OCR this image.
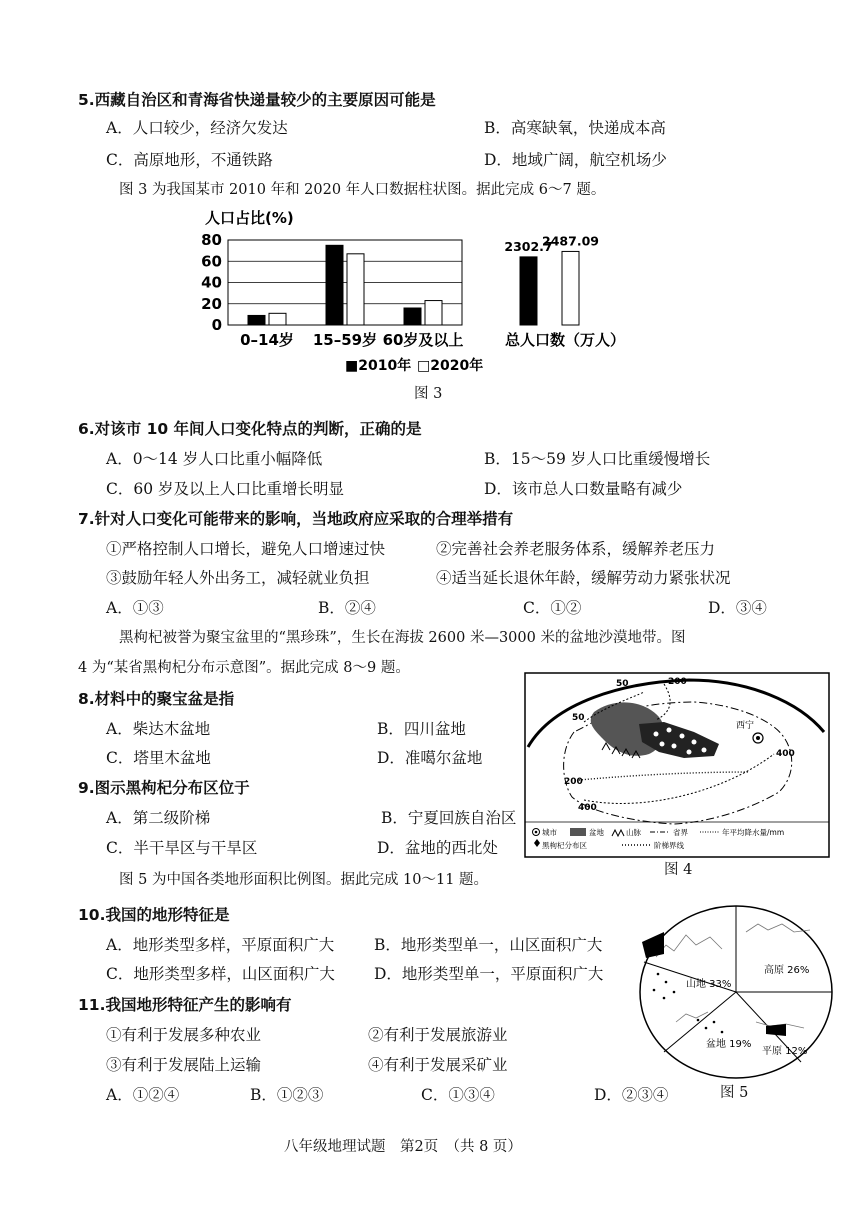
5.西藏自治区和青海省快递量较少的主要原因可能是
A．人口较少，经济欠发达	B．高寒缺氧，快递成本高
C．高原地形，不通铁路	D．地域广阔，航空机场少
图 3 为我国某市 2010 年和 2020 年人口数据柱状图。据此完成 6～7 题。
人口占比(%)
0
20
40
60
80
0–14岁 15–59岁 60岁及以上
2302.7
2487.09
总人口数（万人）
■2010年 □2020年
图 3
6.对该市 10 年间人口变化特点的判断，正确的是
A．0～14 岁人口比重小幅降低	B．15～59 岁人口比重缓慢增长
C．60 岁及以上人口比重增长明显	D．该市总人口数量略有减少
7.针对人口变化可能带来的影响，当地政府应采取的合理举措有
①严格控制人口增长，避免人口增速过快	②完善社会养老服务体系，缓解养老压力
③鼓励年轻人外出务工，减轻就业负担	④适当延长退休年龄，缓解劳动力紧张状况
A．①③	B．②④	C．①②	D．③④
黑枸杞被誉为聚宝盆里的“黑珍珠”，生长在海拔 2600 米—3000 米的盆地沙漠地带。图
4 为“某省黑枸杞分布示意图”。据此完成 8～9 题。
8.材料中的聚宝盆是指
A．柴达木盆地	B．四川盆地
C．塔里木盆地	D．准噶尔盆地
9.图示黑枸杞分布区位于
A．第二级阶梯	B．宁夏回族自治区
C．半干旱区与干旱区	D．盆地的西北处
50	200
50
西宁
400
200
400
城市	盆地	山脉	省界	年平均降水量/mm
黑枸杞分布区	阶梯界线
图 4
图 5 为中国各类地形面积比例图。据此完成 10～11 题。
10.我国的地形特征是
A．地形类型多样，平原面积广大	B．地形类型单一，山区面积广大
C．地形类型多样，山区面积广大	D．地形类型单一，平原面积广大
11.我国地形特征产生的影响有
①有利于发展多种农业	②有利于发展旅游业
③有利于发展陆上运输	④有利于发展采矿业
A．①②④	B．①②③	C．①③④	D．②③④
山地 33%
高原 26%
盆地 19%
平原 12%
图 5
八年级地理试题　第2页　（共 8 页）
